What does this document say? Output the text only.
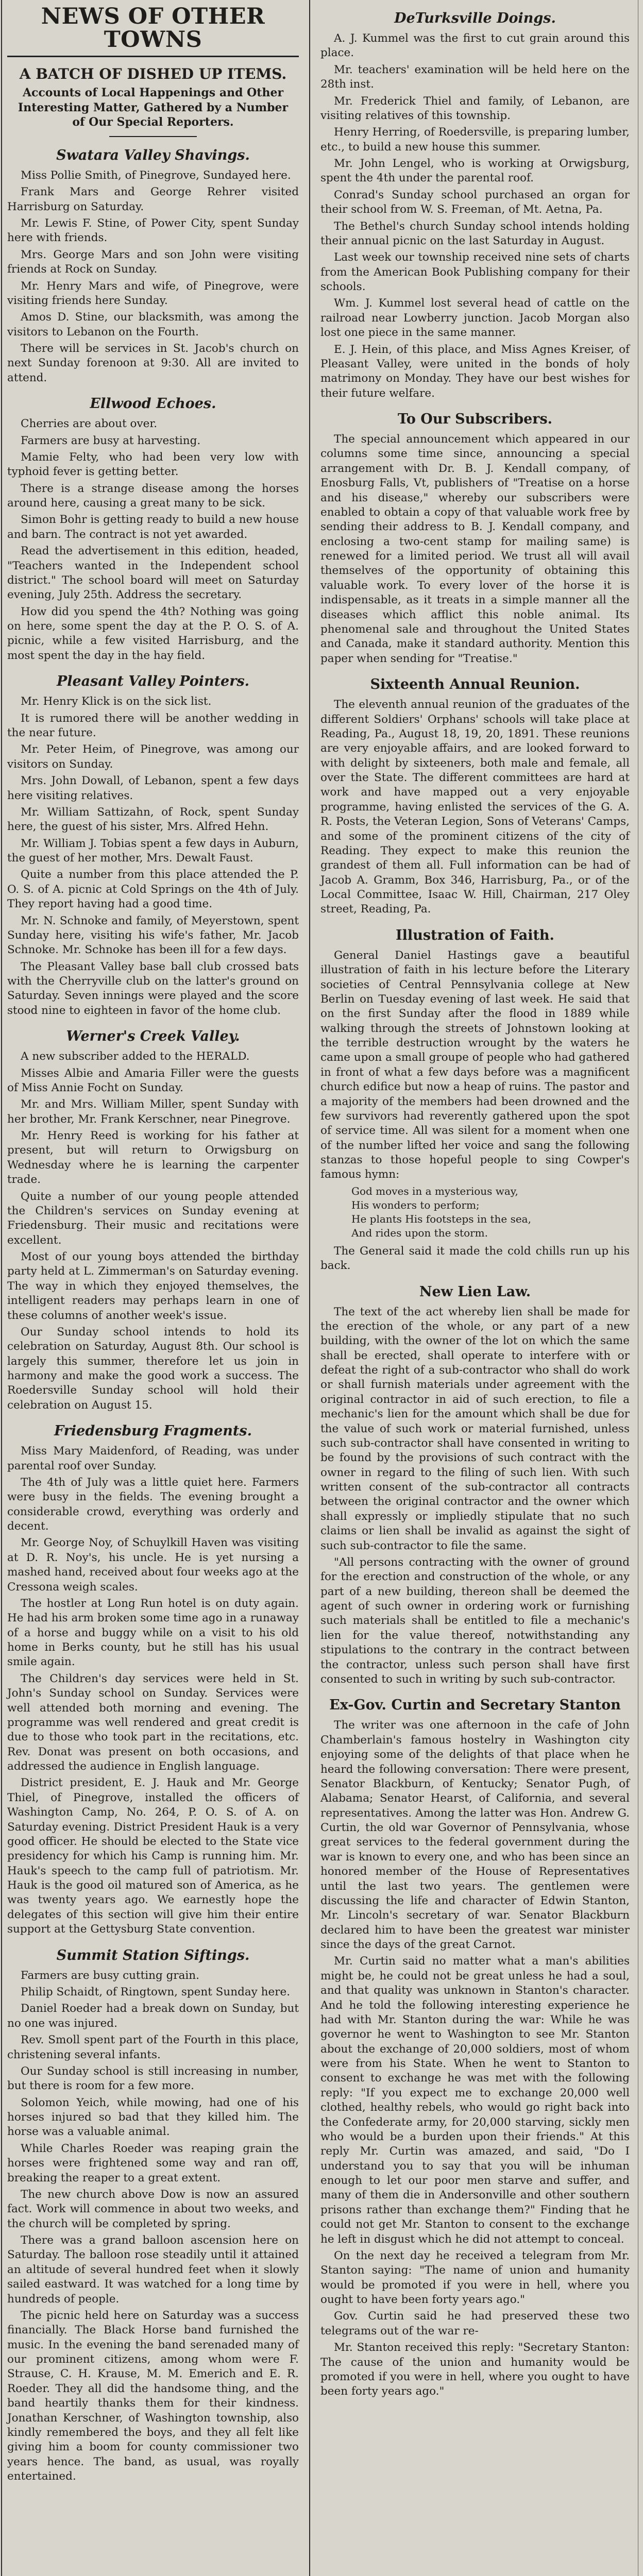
NEWS OF OTHER TOWNS
A BATCH OF DISHED UP ITEMS.
Accounts of Local Happenings and Other Interesting Matter, Gathered by a Number of Our Special Reporters.
Swatara Valley Shavings.

Miss Pollie Smith, of Pinegrove, Sundayed here.

Frank Mars and George Rehrer visited Harrisburg on Saturday.

Mr. Lewis F. Stine, of Power City, spent Sunday here with friends.

Mrs. George Mars and son John were visiting friends at Rock on Sunday.

Mr. Henry Mars and wife, of Pinegrove, were visiting friends here Sunday.

Amos D. Stine, our blacksmith, was among the visitors to Lebanon on the Fourth.

There will be services in St. Jacob's church on next Sunday forenoon at 9:30. All are invited to attend.

Ellwood Echoes.

Cherries are about over.

Farmers are busy at harvesting.

Mamie Felty, who had been very low with typhoid fever is getting better.

There is a strange disease among the horses around here, causing a great many to be sick.

Simon Bohr is getting ready to build a new house and barn. The contract is not yet awarded.

Read the advertisement in this edition, headed, "Teachers wanted in the Independent school district." The school board will meet on Saturday evening, July 25th. Address the secretary.

How did you spend the 4th? Nothing was going on here, some spent the day at the P. O. S. of A. picnic, while a few visited Harrisburg, and the most spent the day in the hay field.

Pleasant Valley Pointers.

Mr. Henry Klick is on the sick list.

It is rumored there will be another wedding in the near future.

Mr. Peter Heim, of Pinegrove, was among our visitors on Sunday.

Mrs. John Dowall, of Lebanon, spent a few days here visiting relatives.

Mr. William Sattizahn, of Rock, spent Sunday here, the guest of his sister, Mrs. Alfred Hehn.

Mr. William J. Tobias spent a few days in Auburn, the guest of her mother, Mrs. Dewalt Faust.

Quite a number from this place attended the P. O. S. of A. picnic at Cold Springs on the 4th of July. They report having had a good time.

Mr. N. Schnoke and family, of Meyerstown, spent Sunday here, visiting his wife's father, Mr. Jacob Schnoke. Mr. Schnoke has been ill for a few days.

The Pleasant Valley base ball club crossed bats with the Cherryville club on the latter's ground on Saturday. Seven innings were played and the score stood nine to eighteen in favor of the home club.

Werner's Creek Valley.

A new subscriber added to the HERALD.

Misses Albie and Amaria Filler were the guests of Miss Annie Focht on Sunday.

Mr. and Mrs. William Miller, spent Sunday with her brother, Mr. Frank Kerschner, near Pinegrove.

Mr. Henry Reed is working for his father at present, but will return to Orwigsburg on Wednesday where he is learning the carpenter trade.

Quite a number of our young people attended the Children's services on Sunday evening at Friedensburg. Their music and recitations were excellent.

Most of our young boys attended the birthday party held at L. Zimmerman's on Saturday evening. The way in which they enjoyed themselves, the intelligent readers may perhaps learn in one of these columns of another week's issue.

Our Sunday school intends to hold its celebration on Saturday, August 8th. Our school is largely this summer, therefore let us join in harmony and make the good work a success. The Roedersville Sunday school will hold their celebration on August 15.

Friedensburg Fragments.

Miss Mary Maidenford, of Reading, was under parental roof over Sunday.

The 4th of July was a little quiet here. Farmers were busy in the fields. The evening brought a considerable crowd, everything was orderly and decent.

Mr. George Noy, of Schuylkill Haven was visiting at D. R. Noy's, his uncle. He is yet nursing a mashed hand, received about four weeks ago at the Cressona weigh scales.

The hostler at Long Run hotel is on duty again. He had his arm broken some time ago in a runaway of a horse and buggy while on a visit to his old home in Berks county, but he still has his usual smile again.

The Children's day services were held in St. John's Sunday school on Sunday. Services were well attended both morning and evening. The programme was well rendered and great credit is due to those who took part in the recitations, etc. Rev. Donat was present on both occasions, and addressed the audience in English language.

District president, E. J. Hauk and Mr. George Thiel, of Pinegrove, installed the officers of Washington Camp, No. 264, P. O. S. of A. on Saturday evening. District President Hauk is a very good officer. He should be elected to the State vice presidency for which his Camp is running him. Mr. Hauk's speech to the camp full of patriotism. Mr. Hauk is the good oil matured son of America, as he was twenty years ago. We earnestly hope the delegates of this section will give him their entire support at the Gettysburg State convention.

Summit Station Siftings.

Farmers are busy cutting grain.

Philip Schaidt, of Ringtown, spent Sunday here.

Daniel Roeder had a break down on Sunday, but no one was injured.

Rev. Smoll spent part of the Fourth in this place, christening several infants.

Our Sunday school is still increasing in number, but there is room for a few more.

Solomon Yeich, while mowing, had one of his horses injured so bad that they killed him. The horse was a valuable animal.

While Charles Roeder was reaping grain the horses were frightened some way and ran off, breaking the reaper to a great extent.

The new church above Dow is now an assured fact. Work will commence in about two weeks, and the church will be completed by spring.

There was a grand balloon ascension here on Saturday. The balloon rose steadily until it attained an altitude of several hundred feet when it slowly sailed eastward. It was watched for a long time by hundreds of people.

The picnic held here on Saturday was a success financially. The Black Horse band furnished the music. In the evening the band serenaded many of our prominent citizens, among whom were F. Strause, C. H. Krause, M. M. Emerich and E. R. Roeder. They all did the handsome thing, and the band heartily thanks them for their kindness. Jonathan Kerschner, of Washington township, also kindly remembered the boys, and they all felt like giving him a boom for county commissioner two years hence. The band, as usual, was royally entertained.

DeTurksville Doings.

A. J. Kummel was the first to cut grain around this place.

Mr. teachers' examination will be held here on the 28th inst.

Mr. Frederick Thiel and family, of Lebanon, are visiting relatives of this township.

Henry Herring, of Roedersville, is preparing lumber, etc., to build a new house this summer.

Mr. John Lengel, who is working at Orwigsburg, spent the 4th under the parental roof.

Conrad's Sunday school purchased an organ for their school from W. S. Freeman, of Mt. Aetna, Pa.

The Bethel's church Sunday school intends holding their annual picnic on the last Saturday in August.

Last week our township received nine sets of charts from the American Book Publishing company for their schools.

Wm. J. Kummel lost several head of cattle on the railroad near Lowberry junction. Jacob Morgan also lost one piece in the same manner.

E. J. Hein, of this place, and Miss Agnes Kreiser, of Pleasant Valley, were united in the bonds of holy matrimony on Monday. They have our best wishes for their future welfare.

To Our Subscribers.

The special announcement which appeared in our columns some time since, announcing a special arrangement with Dr. B. J. Kendall company, of Enosburg Falls, Vt, publishers of "Treatise on a horse and his disease," whereby our subscribers were enabled to obtain a copy of that valuable work free by sending their address to B. J. Kendall company, and enclosing a two-cent stamp for mailing same) is renewed for a limited period. We trust all will avail themselves of the opportunity of obtaining this valuable work. To every lover of the horse it is indispensable, as it treats in a simple manner all the diseases which afflict this noble animal. Its phenomenal sale and throughout the United States and Canada, make it standard authority. Mention this paper when sending for "Treatise."

Sixteenth Annual Reunion.

The eleventh annual reunion of the graduates of the different Soldiers' Orphans' schools will take place at Reading, Pa., August 18, 19, 20, 1891. These reunions are very enjoyable affairs, and are looked forward to with delight by sixteeners, both male and female, all over the State. The different committees are hard at work and have mapped out a very enjoyable programme, having enlisted the services of the G. A. R. Posts, the Veteran Legion, Sons of Veterans' Camps, and some of the prominent citizens of the city of Reading. They expect to make this reunion the grandest of them all. Full information can be had of Jacob A. Gramm, Box 346, Harrisburg, Pa., or of the Local Committee, Isaac W. Hill, Chairman, 217 Oley street, Reading, Pa.

Illustration of Faith.

General Daniel Hastings gave a beautiful illustration of faith in his lecture before the Literary societies of Central Pennsylvania college at New Berlin on Tuesday evening of last week. He said that on the first Sunday after the flood in 1889 while walking through the streets of Johnstown looking at the terrible destruction wrought by the waters he came upon a small groupe of people who had gathered in front of what a few days before was a magnificent church edifice but now a heap of ruins. The pastor and a majority of the members had been drowned and the few survivors had reverently gathered upon the spot of service time. All was silent for a moment when one of the number lifted her voice and sang the following stanzas to those hopeful people to sing Cowper's famous hymn:

God moves in a mysterious way,
His wonders to perform;
He plants His footsteps in the sea,
And rides upon the storm.

The General said it made the cold chills run up his back.

New Lien Law.

The text of the act whereby lien shall be made for the erection of the whole, or any part of a new building, with the owner of the lot on which the same shall be erected, shall operate to interfere with or defeat the right of a sub-contractor who shall do work or shall furnish materials under agreement with the original contractor in aid of such erection, to file a mechanic's lien for the amount which shall be due for the value of such work or material furnished, unless such sub-contractor shall have consented in writing to be found by the provisions of such contract with the owner in regard to the filing of such lien. With such written consent of the sub-contractor all contracts between the original contractor and the owner which shall expressly or impliedly stipulate that no such claims or lien shall be invalid as against the sight of such sub-contractor to file the same.

"All persons contracting with the owner of ground for the erection and construction of the whole, or any part of a new building, thereon shall be deemed the agent of such owner in ordering work or furnishing such materials shall be entitled to file a mechanic's lien for the value thereof, notwithstanding any stipulations to the contrary in the contract between the contractor, unless such person shall have first consented to such in writing by such sub-contractor.

Ex-Gov. Curtin and Secretary Stanton

The writer was one afternoon in the cafe of John Chamberlain's famous hostelry in Washington city enjoying some of the delights of that place when he heard the following conversation: There were present, Senator Blackburn, of Kentucky; Senator Pugh, of Alabama; Senator Hearst, of California, and several representatives. Among the latter was Hon. Andrew G. Curtin, the old war Governor of Pennsylvania, whose great services to the federal government during the war is known to every one, and who has been since an honored member of the House of Representatives until the last two years. The gentlemen were discussing the life and character of Edwin Stanton, Mr. Lincoln's secretary of war. Senator Blackburn declared him to have been the greatest war minister since the days of the great Carnot.

Mr. Curtin said no matter what a man's abilities might be, he could not be great unless he had a soul, and that quality was unknown in Stanton's character. And he told the following interesting experience he had with Mr. Stanton during the war: While he was governor he went to Washington to see Mr. Stanton about the exchange of 20,000 soldiers, most of whom were from his State. When he went to Stanton to consent to exchange he was met with the following reply: "If you expect me to exchange 20,000 well clothed, healthy rebels, who would go right back into the Confederate army, for 20,000 starving, sickly men who would be a burden upon their friends." At this reply Mr. Curtin was amazed, and said, "Do I understand you to say that you will be inhuman enough to let our poor men starve and suffer, and many of them die in Andersonville and other southern prisons rather than exchange them?" Finding that he could not get Mr. Stanton to consent to the exchange he left in disgust which he did not attempt to conceal.

On the next day he received a telegram from Mr. Stanton saying: "The name of union and humanity would be promoted if you were in hell, where you ought to have been forty years ago."

Gov. Curtin said he had preserved these two telegrams out of the war re-

Mr. Stanton received this reply: "Secretary Stanton: The cause of the union and humanity would be promoted if you were in hell, where you ought to have been forty years ago."
